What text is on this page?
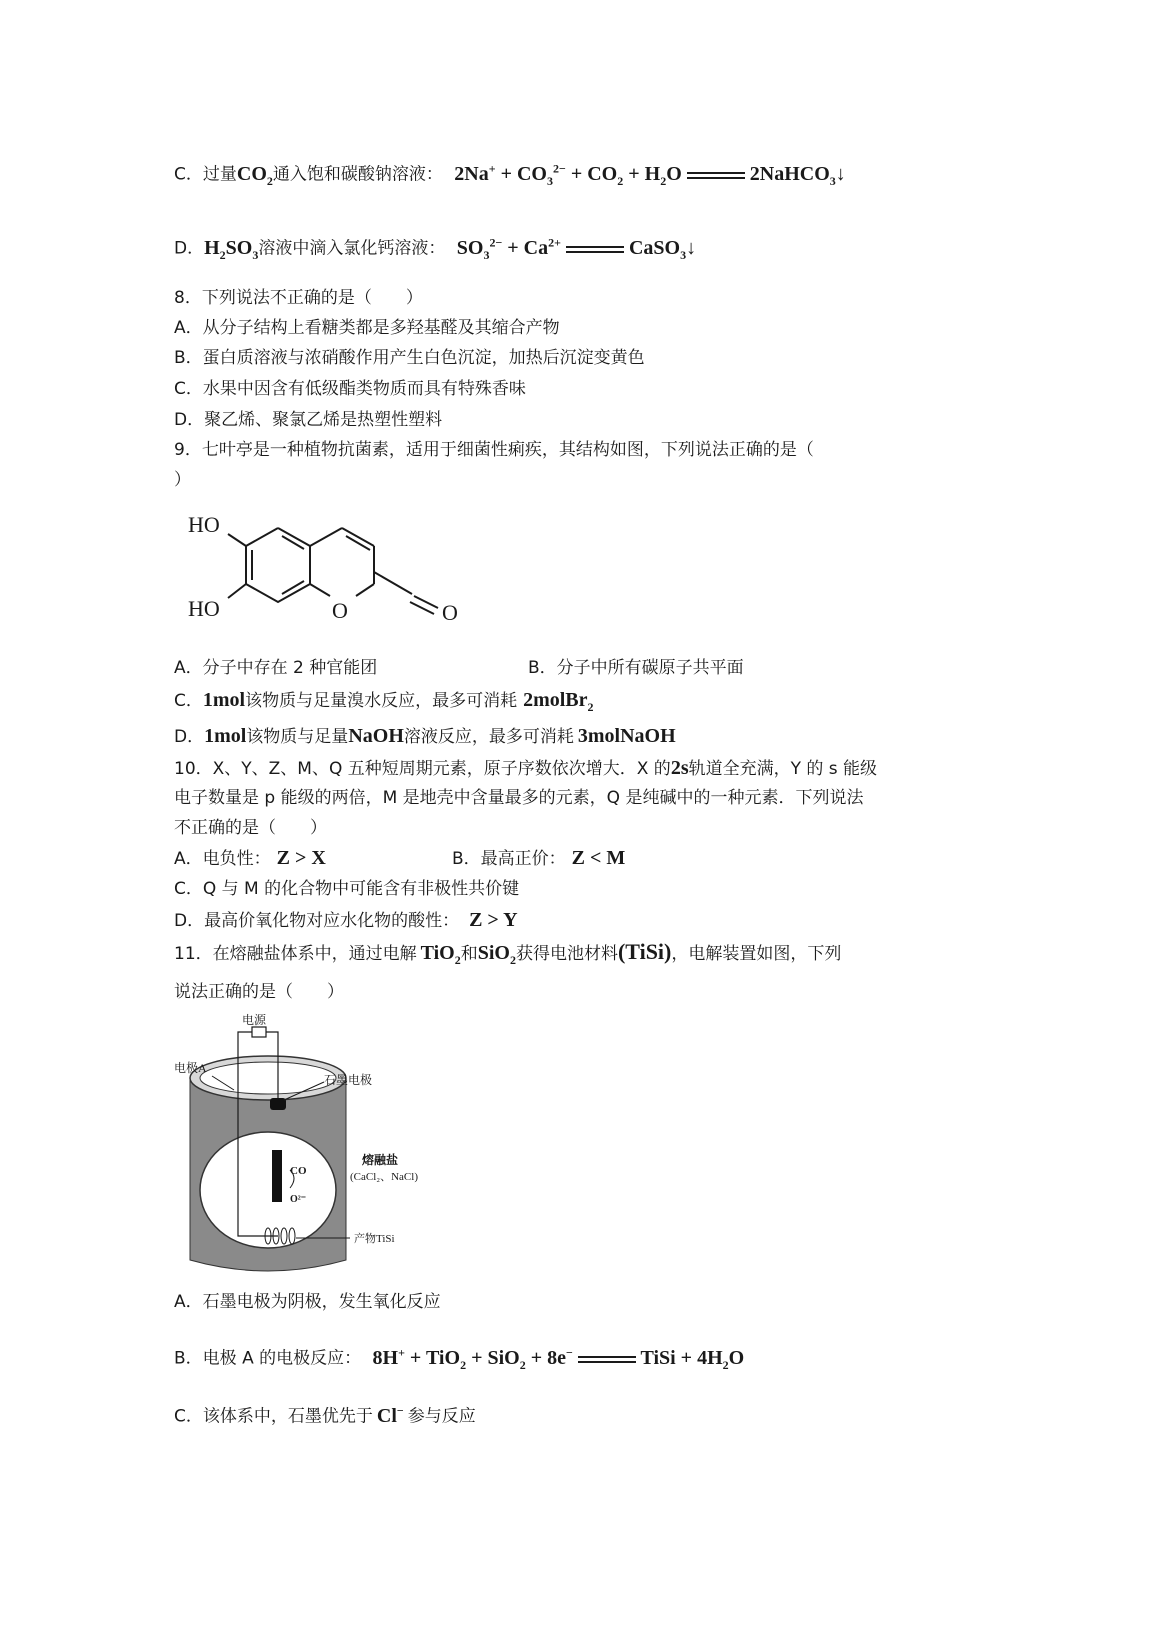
C．过量$CO_2$通入饱和碳酸钠溶液： $2Na^+ + CO_3^{2-} + CO_2 + H_2O$	2NaHCO$_3$↓
D．$H_2SO_3$溶液中滴入氯化钙溶液： $SO_3^{2-} + Ca^{2+}$	CaSO$_3$↓
8．下列说法不正确的是（　　）
A．从分子结构上看糖类都是多羟基醛及其缩合产物
B．蛋白质溶液与浓硝酸作用产生白色沉淀，加热后沉淀变黄色
C．水果中因含有低级酯类物质而具有特殊香味
D．聚乙烯、聚氯乙烯是热塑性塑料
9．七叶亭是一种植物抗菌素，适用于细菌性痢疾，其结构如图，下列说法正确的是（
）
HO
HO	O	O
A．分子中存在 2 种官能团	B．分子中所有碳原子共平面
C．1mol该物质与足量溴水反应，最多可消耗 2molBr$_2$
D．1mol该物质与足量NaOH溶液反应，最多可消耗 3molNaOH
10．X、Y、Z、M、Q 五种短周期元素，原子序数依次增大．X 的2s轨道全充满，Y 的 s 能级
电子数量是 p 能级的两倍，M 是地壳中含量最多的元素，Q 是纯碱中的一种元素．下列说法
不正确的是（　　）
A．电负性： Z > X	B．最高正价： Z < M
C．Q 与 M 的化合物中可能含有非极性共价键
D．最高价氧化物对应水化物的酸性： Z > Y
11．在熔融盐体系中，通过电解 TiO$_2$和SiO$_2$获得电池材料(TiSi)，电解装置如图，下列
说法正确的是（　　）
电源
电极A
石墨电极
熔融盐
(CaCl₂、NaCl)
CO
O²⁻
产物TiSi
A．石墨电极为阴极，发生氧化反应
B．电极 A 的电极反应： 8H+ + TiO$_2$ + SiO$_2$ + 8e−	TiSi + $4H_2O$
C．该体系中，石墨优先于 Cl− 参与反应
